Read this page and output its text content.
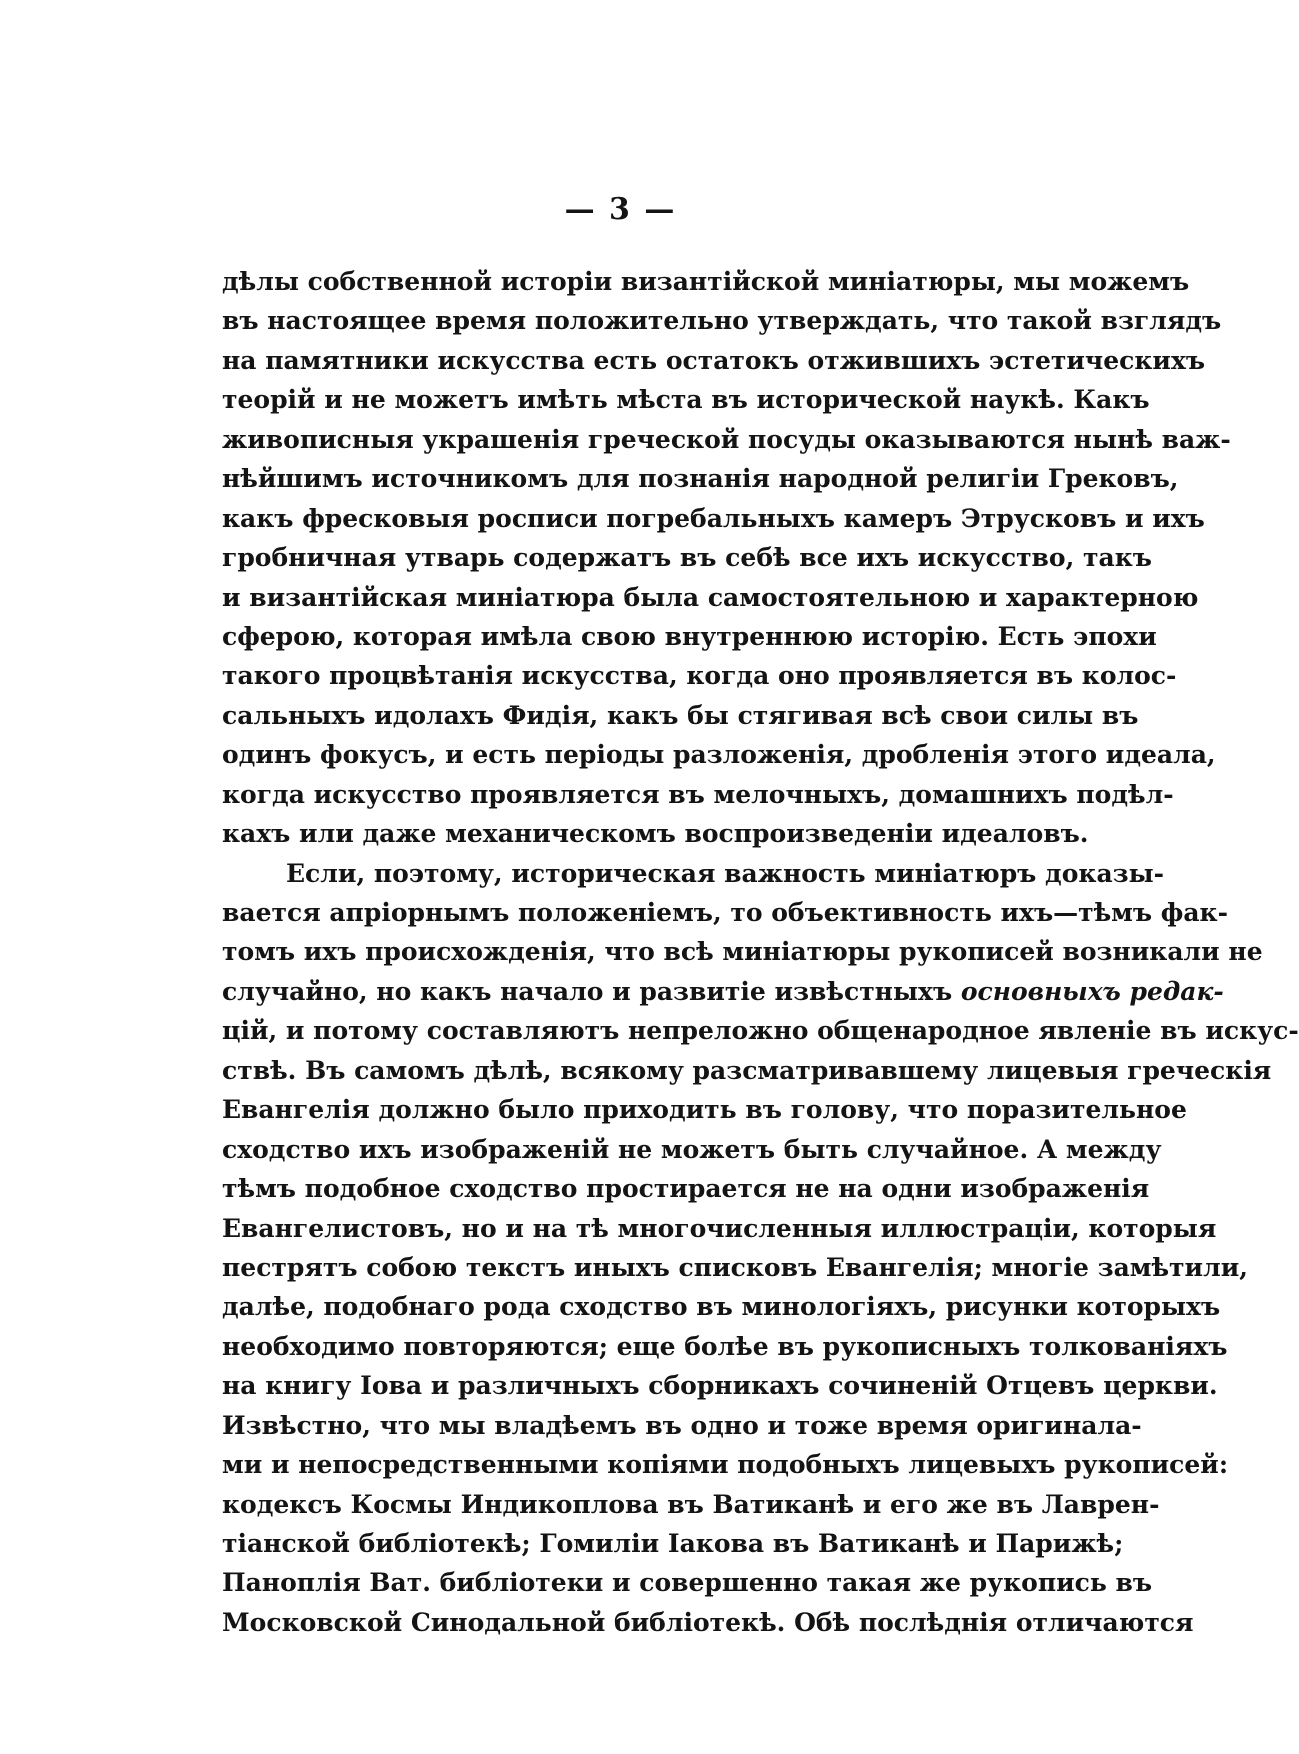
— 3 —
дѣлы собственной исторіи византійской миніатюры, мы можемъ
въ настоящее время положительно утверждать, что такой взглядъ
на памятники искусства есть остатокъ отжившихъ эстетическихъ
теорій и не можетъ имѣть мѣста въ исторической наукѣ. Какъ
живописныя украшенія греческой посуды оказываются нынѣ важ-
нѣйшимъ источникомъ для познанія народной религіи Грековъ,
какъ фресковыя росписи погребальныхъ камеръ Этрусковъ и ихъ
гробничная утварь содержатъ въ себѣ все ихъ искусство, такъ
и византійская миніатюра была самостоятельною и характерною
сферою, которая имѣла свою внутреннюю исторію. Есть эпохи
такого процвѣтанія искусства, когда оно проявляется въ колос-
сальныхъ идолахъ Фидія, какъ бы стягивая всѣ свои силы въ
одинъ фокусъ, и есть періоды разложенія, дробленія этого идеала,
когда искусство проявляется въ мелочныхъ, домашнихъ подѣл-
кахъ или даже механическомъ воспроизведеніи идеаловъ.
Если, поэтому, историческая важность миніатюръ доказы-
вается апріорнымъ положеніемъ, то объективность ихъ—тѣмъ фак-
томъ ихъ происхожденія, что всѣ миніатюры рукописей возникали не
случайно, но какъ начало и развитіе извѣстныхъ основныхъ редак-
цій, и потому составляютъ непреложно общенародное явленіе въ искус-
ствѣ. Въ самомъ дѣлѣ, всякому разсматривавшему лицевыя греческія
Евангелія должно было приходить въ голову, что поразительное
сходство ихъ изображеній не можетъ быть случайное. А между
тѣмъ подобное сходство простирается не на одни изображенія
Евангелистовъ, но и на тѣ многочисленныя иллюстраціи, которыя
пестрятъ собою текстъ иныхъ списковъ Евангелія; многіе замѣтили,
далѣе, подобнаго рода сходство въ минологіяхъ, рисунки которыхъ
необходимо повторяются; еще болѣе въ рукописныхъ толкованіяхъ
на книгу Іова и различныхъ сборникахъ сочиненій Отцевъ церкви.
Извѣстно, что мы владѣемъ въ одно и тоже время оригинала-
ми и непосредственными копіями подобныхъ лицевыхъ рукописей:
кодексъ Космы Индикоплова въ Ватиканѣ и его же въ Лаврен-
тіанской библіотекѣ; Гомиліи Іакова въ Ватиканѣ и Парижѣ;
Паноплія Ват. библіотеки и совершенно такая же рукопись въ
Московской Синодальной библіотекѣ. Обѣ послѣднія отличаются
